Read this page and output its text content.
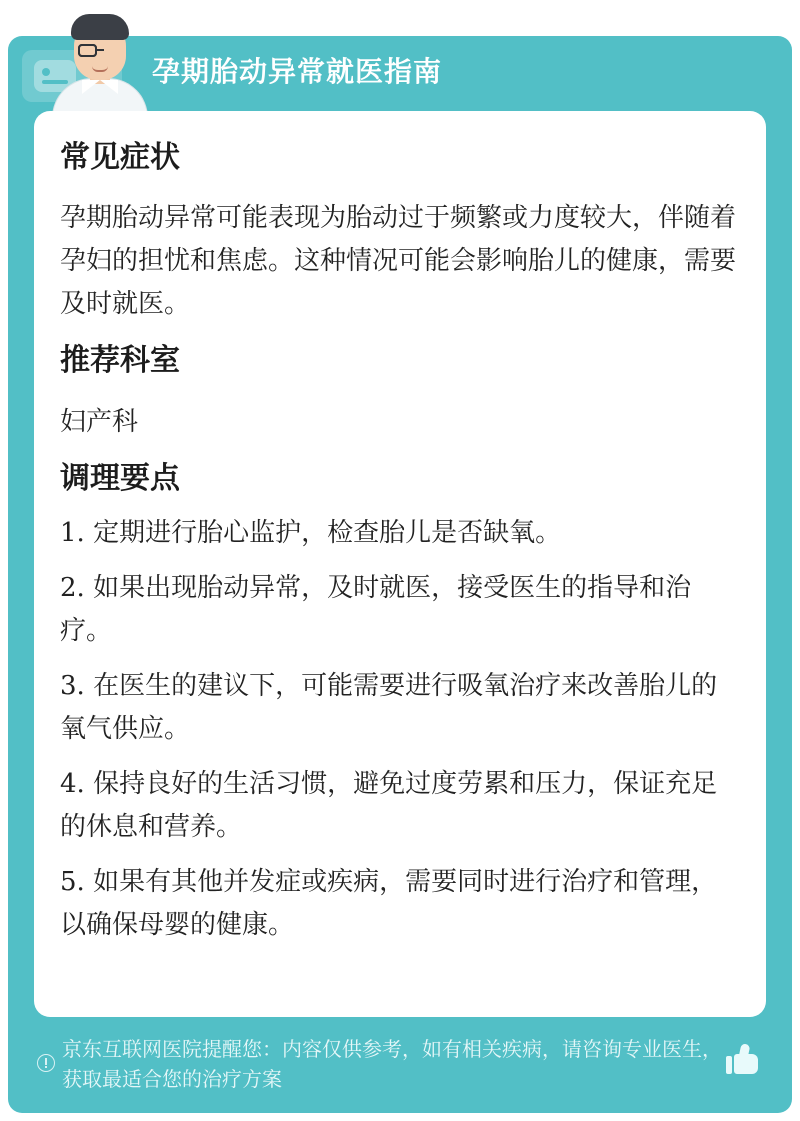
孕期胎动异常就医指南
常见症状
孕期胎动异常可能表现为胎动过于频繁或力度较大，伴随着孕妇的担忧和焦虑。这种情况可能会影响胎儿的健康，需要及时就医。
推荐科室
妇产科
调理要点
1. 定期进行胎心监护，检查胎儿是否缺氧。
2. 如果出现胎动异常，及时就医，接受医生的指导和治疗。
3. 在医生的建议下，可能需要进行吸氧治疗来改善胎儿的氧气供应。
4. 保持良好的生活习惯，避免过度劳累和压力，保证充足的休息和营养。
5. 如果有其他并发症或疾病，需要同时进行治疗和管理，以确保母婴的健康。
京东互联网医院提醒您：内容仅供参考，如有相关疾病，请咨询专业医生，获取最适合您的治疗方案
